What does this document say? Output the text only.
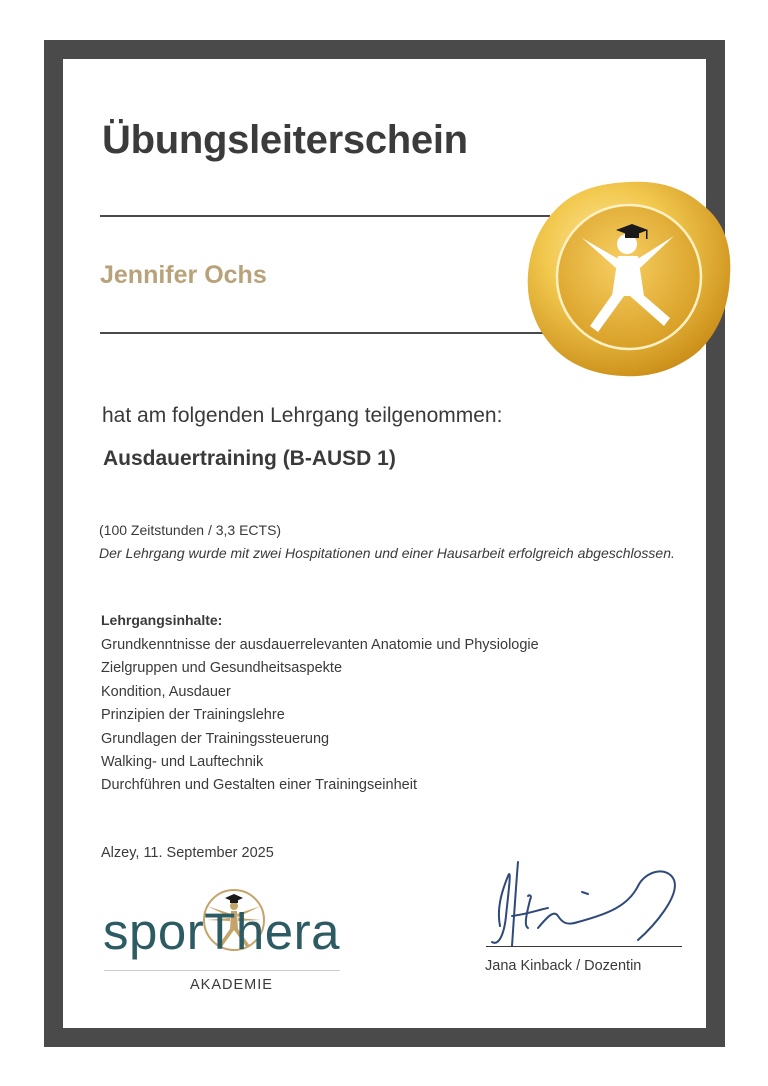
Übungsleiterschein
Jennifer Ochs
hat am folgenden Lehrgang teilgenommen:
Ausdauertraining (B-AUSD 1)
(100 Zeitstunden / 3,3 ECTS)
Der Lehrgang wurde mit zwei Hospitationen und einer Hausarbeit erfolgreich abgeschlossen.
Lehrgangsinhalte:
Grundkenntnisse der ausdauerrelevanten Anatomie und Physiologie
Zielgruppen und Gesundheitsaspekte
Kondition, Ausdauer
Prinzipien der Trainingslehre
Grundlagen der Trainingssteuerung
Walking- und Lauftechnik
Durchführen und Gestalten einer Trainingseinheit
Alzey, 11. September 2025
sporThera
AKADEMIE
Jana Kinback / Dozentin
